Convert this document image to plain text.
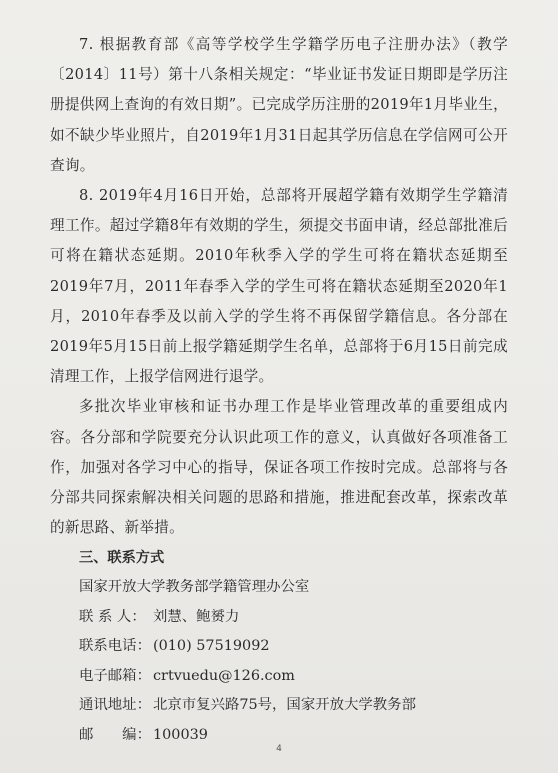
7. 根据教育部《高等学校学生学籍学历电子注册办法》（教学〔2014〕11号）第十八条相关规定：“毕业证书发证日期即是学历注册提供网上查询的有效日期”。已完成学历注册的2019年1月毕业生，如不缺少毕业照片，自2019年1月31日起其学历信息在学信网可公开查询。

8. 2019年4月16日开始，总部将开展超学籍有效期学生学籍清理工作。超过学籍8年有效期的学生，须提交书面申请，经总部批准后可将在籍状态延期。2010年秋季入学的学生可将在籍状态延期至2019年7月，2011年春季入学的学生可将在籍状态延期至2020年1月，2010年春季及以前入学的学生将不再保留学籍信息。各分部在2019年5月15日前上报学籍延期学生名单，总部将于6月15日前完成清理工作，上报学信网进行退学。

多批次毕业审核和证书办理工作是毕业管理改革的重要组成内容。各分部和学院要充分认识此项工作的意义，认真做好各项准备工作，加强对各学习中心的指导，保证各项工作按时完成。总部将与各分部共同探索解决相关问题的思路和措施，推进配套改革，探索改革的新思路、新举措。

三、联系方式

国家开放大学教务部学籍管理办公室

联 系 人： 刘慧、鲍赟力

联系电话： (010) 57519092

电子邮箱： crtvuedu@126.com

通讯地址： 北京市复兴路75号，国家开放大学教务部

邮　　编： 100039

4
